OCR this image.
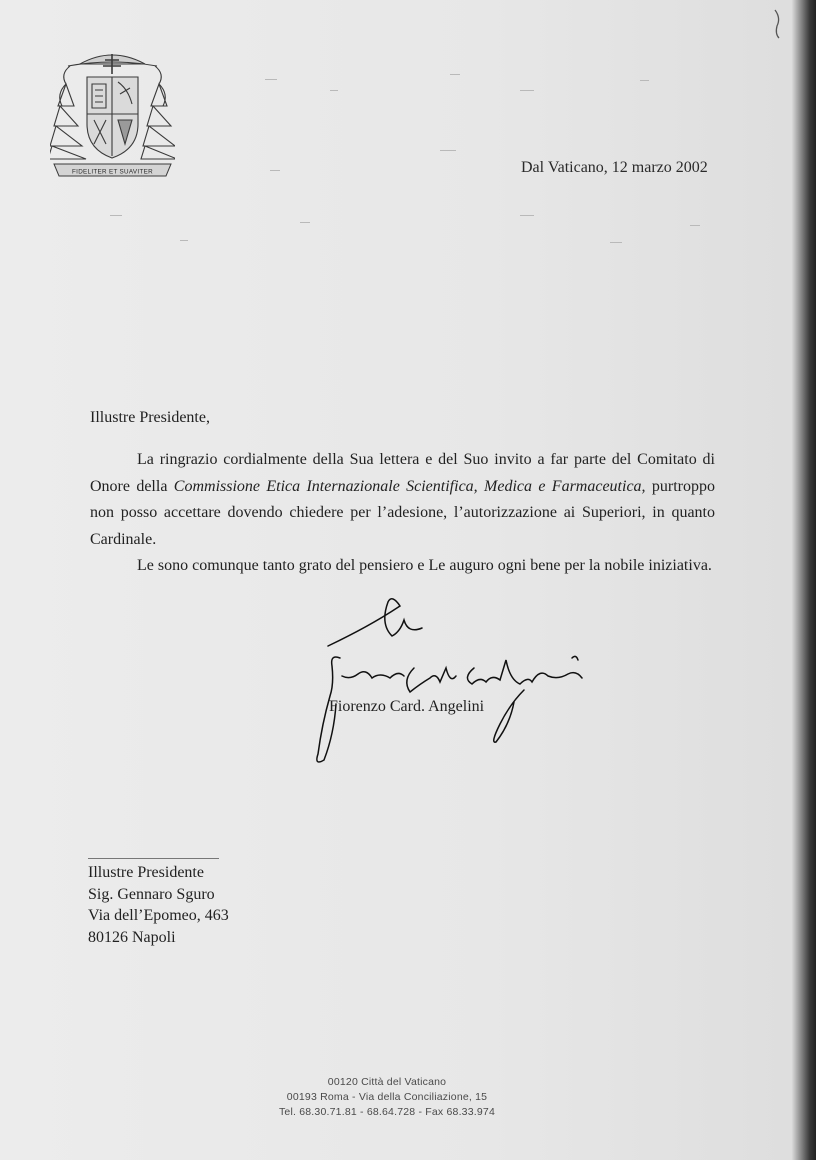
FIDELITER ET SUAVITER	Dal Vaticano, 12 marzo 2002
Illustre Presidente,

La ringrazio cordialmente della Sua lettera e del Suo invito a far parte del Comitato di Onore della Commissione Etica Internazionale Scientifica, Medica e Farmaceutica, purtroppo non posso accettare dovendo chiedere per l’adesione, l’autorizzazione ai Superiori, in quanto Cardinale.

Le sono comunque tanto grato del pensiero e Le auguro ogni bene per la nobile iniziativa.

Fiorenzo Card. Angelini
Illustre Presidente
Sig. Gennaro Sguro
Via dell’Epomeo, 463
80126 Napoli
00120 Città del Vaticano
00193 Roma - Via della Conciliazione, 15
Tel. 68.30.71.81 - 68.64.728 - Fax 68.33.974
